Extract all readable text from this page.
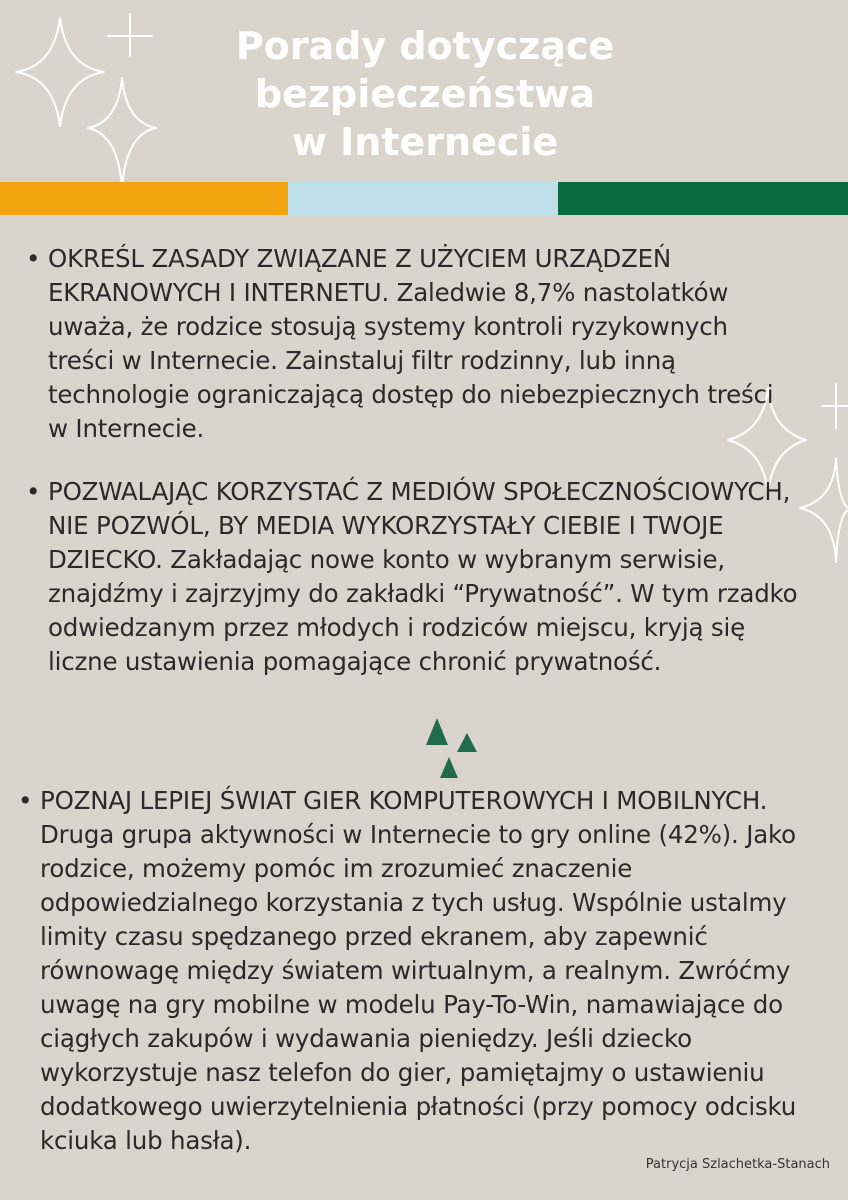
Porady dotyczące
bezpieczeństwa
w Internecie
• OKREŚL ZASADY ZWIĄZANE Z UŻYCIEM URZĄDZEŃ EKRANOWYCH I INTERNETU. Zaledwie 8,7% nastolatków uważa, że rodzice stosują systemy kontroli ryzykownych treści w Internecie. Zainstaluj filtr rodzinny, lub inną technologie ograniczającą dostęp do niebezpiecznych treści w Internecie.

• POZWALAJĄC KORZYSTAĆ Z MEDIÓW SPOŁECZNOŚCIOWYCH, NIE POZWÓL, BY MEDIA WYKORZYSTAŁY CIEBIE I TWOJE DZIECKO. Zakładając nowe konto w wybranym serwisie, znajdźmy i zajrzyjmy do zakładki “Prywatność”. W tym rzadko odwiedzanym przez młodych i rodziców miejscu, kryją się liczne ustawienia pomagające chronić prywatność.

• POZNAJ LEPIEJ ŚWIAT GIER KOMPUTEROWYCH I MOBILNYCH. Druga grupa aktywności w Internecie to gry online (42%). Jako rodzice, możemy pomóc im zrozumieć znaczenie odpowiedzialnego korzystania z tych usług. Wspólnie ustalmy limity czasu spędzanego przed ekranem, aby zapewnić równowagę między światem wirtualnym, a realnym. Zwróćmy uwagę na gry mobilne w modelu Pay-To-Win, namawiające do ciągłych zakupów i wydawania pieniędzy. Jeśli dziecko wykorzystuje nasz telefon do gier, pamiętajmy o ustawieniu dodatkowego uwierzytelnienia płatności (przy pomocy odcisku kciuka lub hasła).

Patrycja Szlachetka-Stanach
